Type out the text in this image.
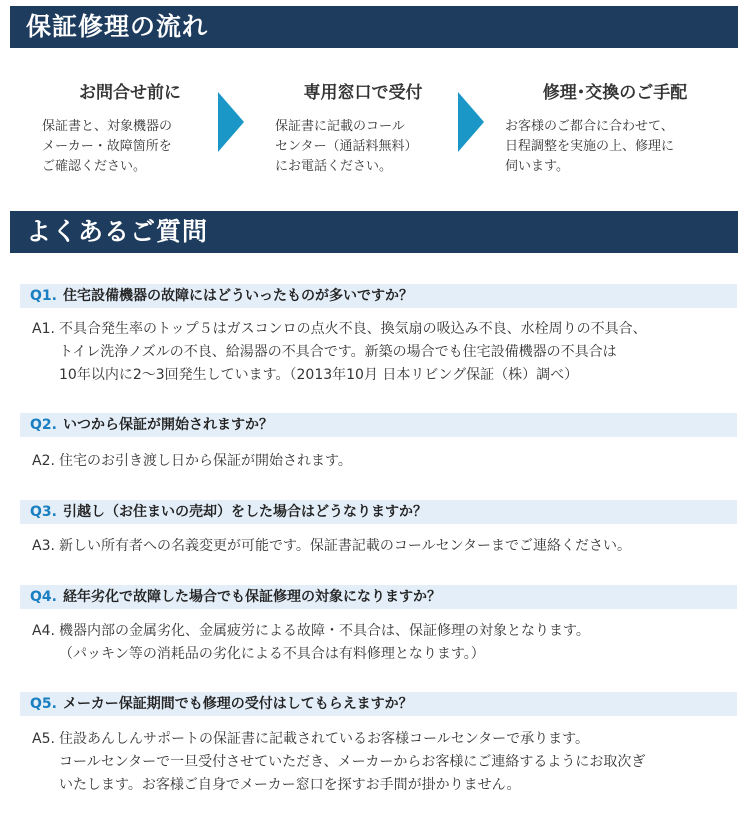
保証修理の流れ
お問合せ前に
保証書と、対象機器の
メーカー・故障箇所を
ご確認ください。
専用窓口で受付
保証書に記載のコール
センター（通話料無料）
にお電話ください。
修理･交換のご手配
お客様のご都合に合わせて、
日程調整を実施の上、修理に
伺います。
よくあるご質問
Q1. 住宅設備機器の故障にはどういったものが多いですか？
A1. 不具合発生率のトップ５はガスコンロの点火不良、換気扇の吸込み不良、水栓周りの不具合、
トイレ洗浄ノズルの不良、給湯器の不具合です。新築の場合でも住宅設備機器の不具合は
10年以内に2〜3回発生しています。（2013年10月 日本リビング保証（株）調べ）
Q2. いつから保証が開始されますか？
A2. 住宅のお引き渡し日から保証が開始されます。
Q3. 引越し（お住まいの売却）をした場合はどうなりますか？
A3. 新しい所有者への名義変更が可能です。保証書記載のコールセンターまでご連絡ください。
Q4. 経年劣化で故障した場合でも保証修理の対象になりますか？
A4. 機器内部の金属劣化、金属疲労による故障・不具合は、保証修理の対象となります。
（パッキン等の消耗品の劣化による不具合は有料修理となります。）
Q5. メーカー保証期間でも修理の受付はしてもらえますか？
A5. 住設あんしんサポートの保証書に記載されているお客様コールセンターで承ります。
コールセンターで一旦受付させていただき、メーカーからお客様にご連絡するようにお取次ぎ
いたします。お客様ご自身でメーカー窓口を探すお手間が掛かりません。
